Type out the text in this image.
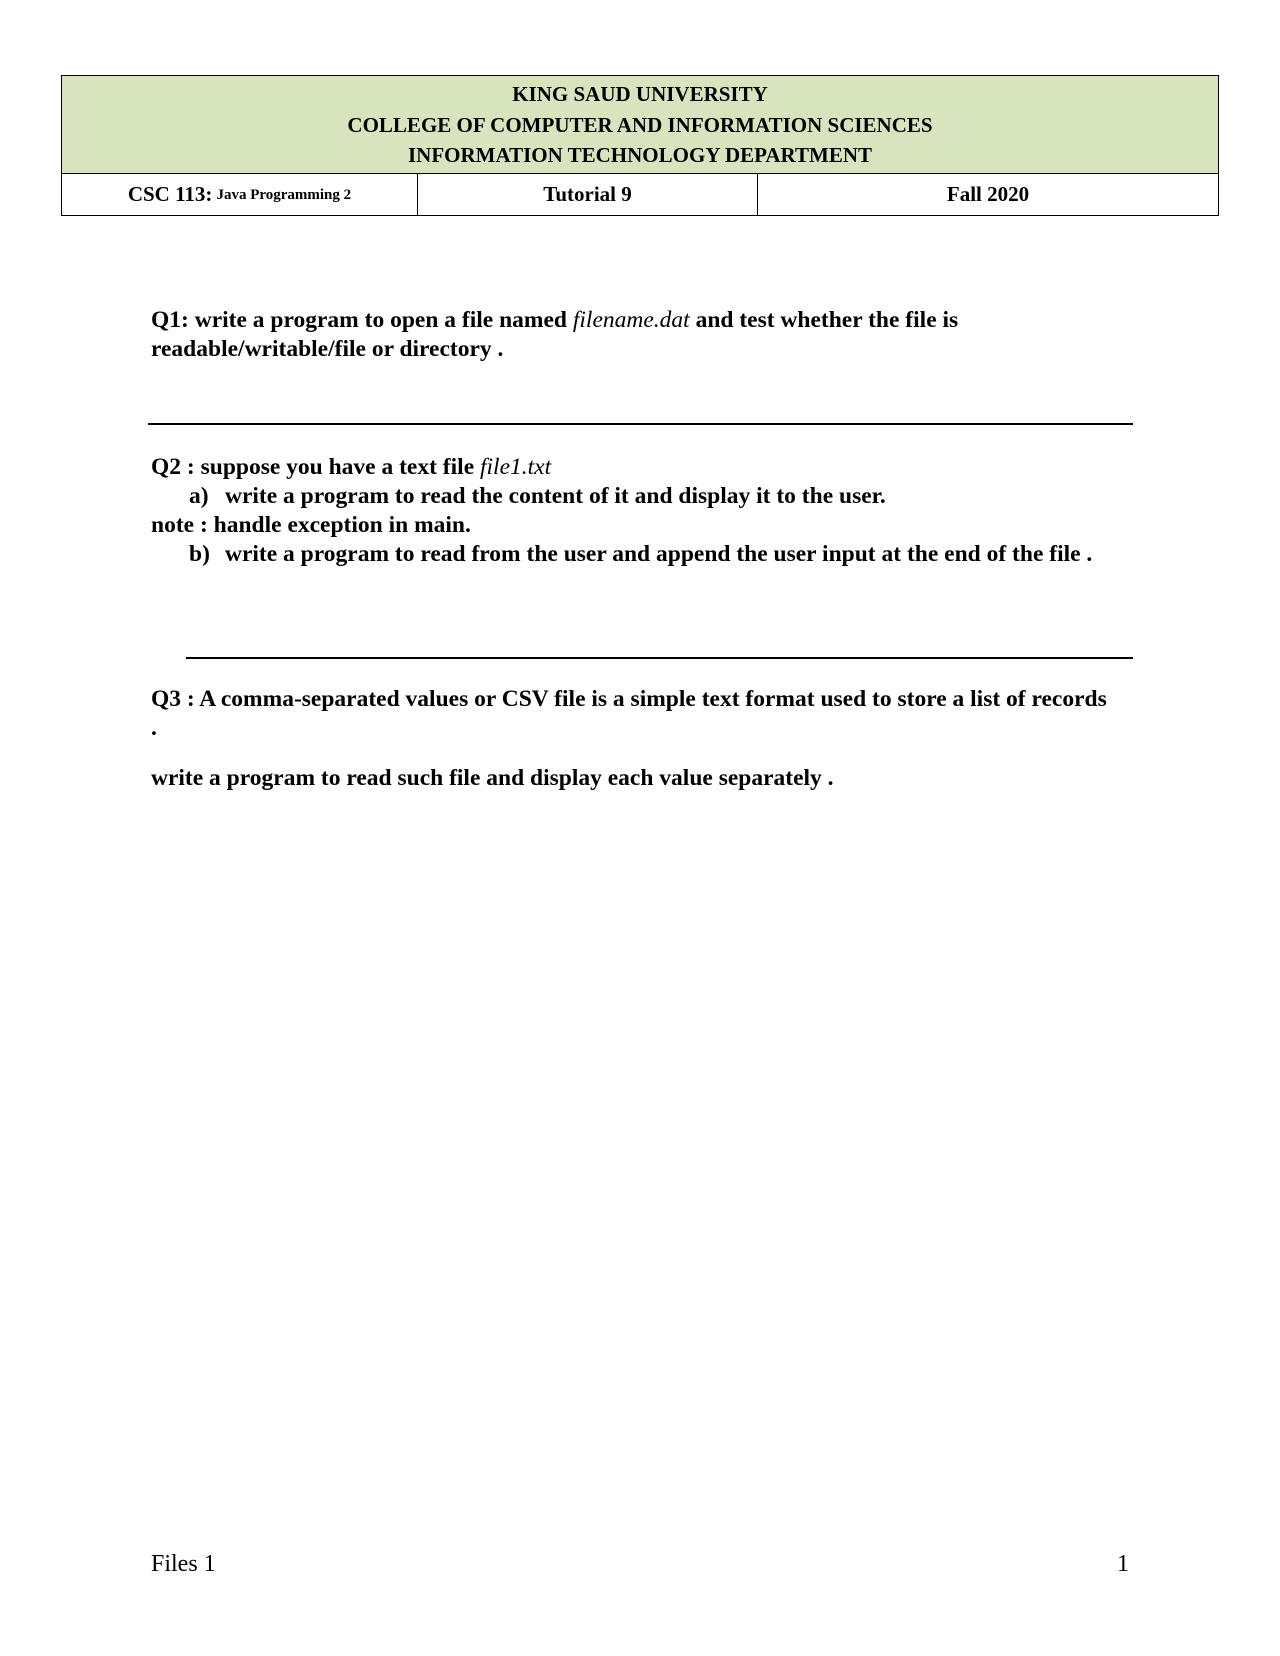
KING SAUD UNIVERSITY
COLLEGE OF COMPUTER AND INFORMATION SCIENCES
INFORMATION TECHNOLOGY DEPARTMENT
CSC 113: Java Programming 2	Tutorial 9	Fall 2020
Q1: write a program to open a file named filename.dat and test whether the file is readable/writable/file or directory .
Q2 : suppose you have a text file file1.txt
a) write a program to read the content of it and display it to the user.
note : handle exception in main.
b) write a program to read from the user and append the user input at the end of the file .
Q3 : A comma-separated values or CSV file is a simple text format used to store a list of records .
write a program to read such file and display each value separately .
Files 1	1
